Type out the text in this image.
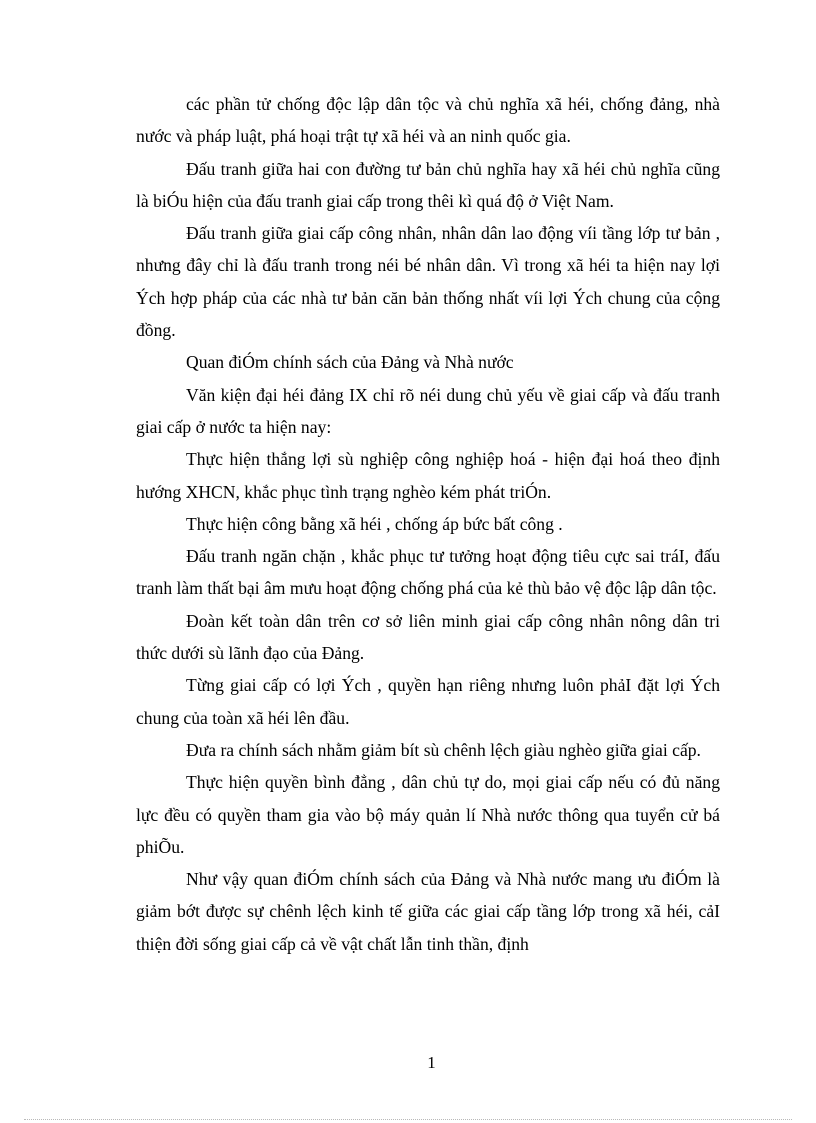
các phần tử chống độc lập dân tộc và chủ nghĩa xã héi, chống đảng, nhà nước và pháp luật, phá hoại trật tự xã héi và an ninh quốc gia.

Đấu tranh giữa hai con đường tư bản chủ nghĩa hay xã héi chủ nghĩa cũng là biÓu hiện của đấu tranh giai cấp trong thêi kì quá độ ở Việt Nam.

Đấu tranh giữa giai cấp công nhân, nhân dân lao động víi tầng lớp tư bản , nhưng đây chỉ là đấu tranh trong néi bé nhân dân. Vì trong xã héi ta hiện nay lợi Ých hợp pháp của các nhà tư bản căn bản thống nhất víi lợi Ých chung của cộng đồng.

Quan điÓm chính sách của Đảng và Nhà nước

Văn kiện đại héi đảng IX chỉ rõ néi dung chủ yếu về giai cấp và đấu tranh giai cấp ở nước ta hiện nay:

Thực hiện thắng lợi sù nghiệp công nghiệp hoá - hiện đại hoá theo định hướng XHCN, khắc phục tình trạng nghèo kém phát triÓn.

Thực hiện công bằng xã héi , chống áp bức bất công .

Đấu tranh ngăn chặn , khắc phục tư tưởng hoạt động tiêu cực sai tráI, đấu tranh làm thất bại âm mưu hoạt động chống phá của kẻ thù bảo vệ độc lập dân tộc.

Đoàn kết toàn dân trên cơ sở liên minh giai cấp công nhân nông dân tri thức dưới sù lãnh đạo của Đảng.

Từng giai cấp có lợi Ých , quyền hạn riêng nhưng luôn phảI đặt lợi Ých chung của toàn xã héi lên đầu.

Đưa ra chính sách nhằm giảm bít sù chênh lệch giàu nghèo giữa giai cấp.

Thực hiện quyền bình đẳng , dân chủ tự do, mọi giai cấp nếu có đủ năng lực đều có quyền tham gia vào bộ máy quản lí Nhà nước thông qua tuyển cử bá phiÕu.

Như vậy quan điÓm chính sách của Đảng và Nhà nước mang ưu điÓm là giảm bớt được sự chênh lệch kinh tế giữa các giai cấp tầng lớp trong xã héi, cảI thiện đời sống giai cấp cả về vật chất lẫn tinh thần, định

1
